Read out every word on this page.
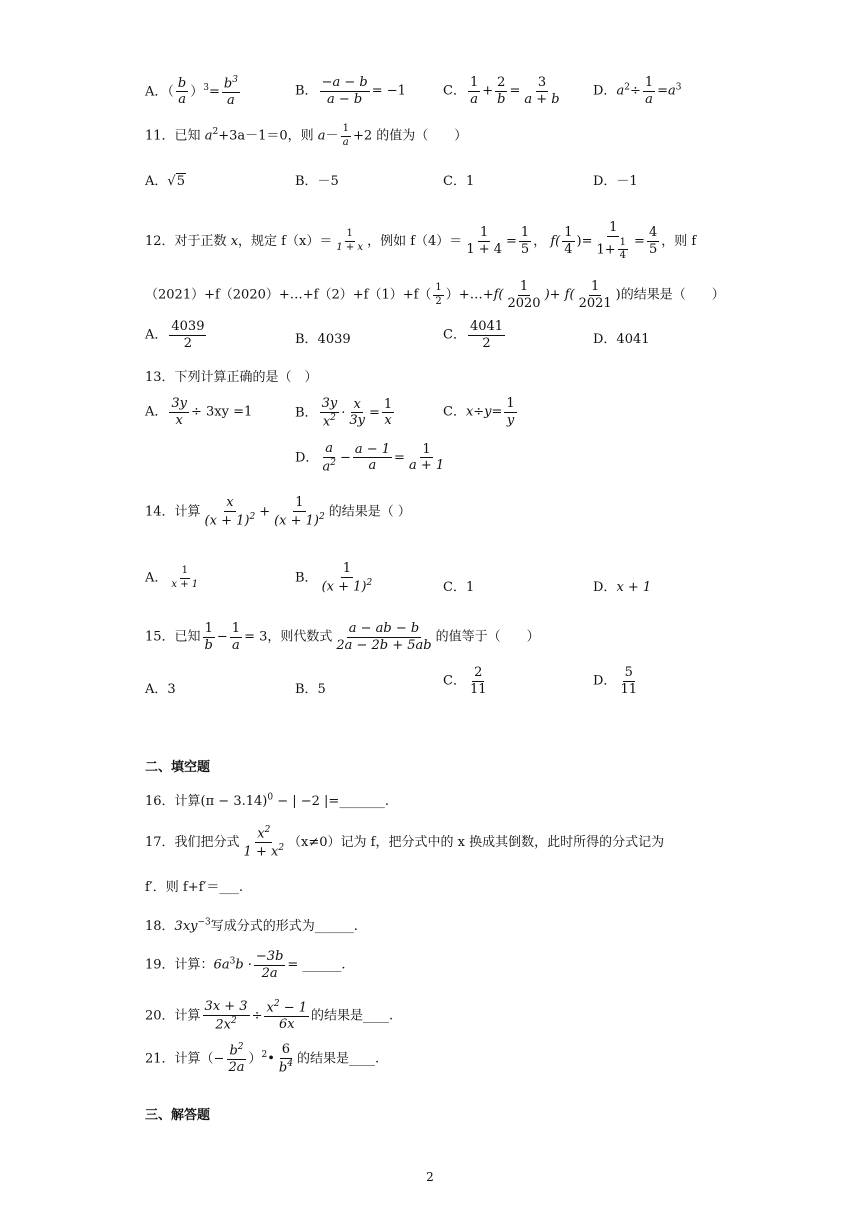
A．（ $\frac{b}{a} )^3= \frac{b^3}{a}$	B． $\frac{-a - b}{a - b} = -1$	C． $\frac{1}{a} + \frac{2}{b} = \frac{3}{a + b}$ D．$a^2\div \frac{1}{a} =a^3$
11．已知 $a^2+3a-1=0$，则 $a- \frac{1}{a} +2$ 的值为（　　）
A．√5	B．－5	C．1	D．－1
12．对于正数 x，规定 $f(x)= \frac{1}{1 + x}$ ，例如 $f(4)= \frac{1}{1 + 4} = \frac{1}{5}$ ， $f( \frac{1}{4}$ )= $\frac{1}{1+ \frac{1}{4}} = \frac{4}{5}$ ，则 f
（2021）+f（2020）+…+f（2）+f（1）+f（ $\frac{1}{2}$ ）+…+f( $\frac{1}{2020}$ )+ $f( \frac{1}{2021}$ )的结果是（　　）
A． $\frac{4039}{2}$	B．4039	C． $\frac{4041}{2}$	D．4041
13．下列计算正确的是（　）
A． $\frac{3y}{x} \div 3xy =1$	B． $\frac{3y}{x^2} \cdot \frac{x}{3y} = \frac{1}{x}$	C．$x\div y= \frac{1}{y}$
D． $\frac{a}{a^2} - \frac{a - 1}{a} = \frac{1}{a + 1}$
14．计算 $\frac{x}{(x + 1)^2} + \frac{1}{(x + 1)^2}$ 的结果是（ ）
A． $\frac{1}{x + 1}$	B． $\frac{1}{(x + 1)^2}$	C．1	D．x + 1
15．已知 $\frac{1}{b} - \frac{1}{a} = 3$，则代数式 $\frac{a - ab - b}{2a - 2b + 5ab}$ 的值等于（　　）
A．3	B．5
C． $\frac{2}{11}$	D． $\frac{5}{11}$
二、填空题
16．计算$(\pi - 3.14)^0$ − | −2 |=_______.
17．我们把分式 $\frac{x^2}{1 + x^2} (x\ne 0)$记为 f，把分式中的 x 换成其倒数，此时所得的分式记为
f′．则 f+f′＝___.
18．$3xy^{-3}$写成分式的形式为______.
19．计算：$6a^3b \cdot \frac{-3b}{2a}$ = ______.
20．计算 $\frac{3x + 3}{2x^2} \div \frac{x^2 - 1}{6x}$ 的结果是____.
21．计算（− $\frac{b^2}{2a}$ ）$^2$• $\frac{6}{b^4}$ 的结果是____.
三、解答题
2
